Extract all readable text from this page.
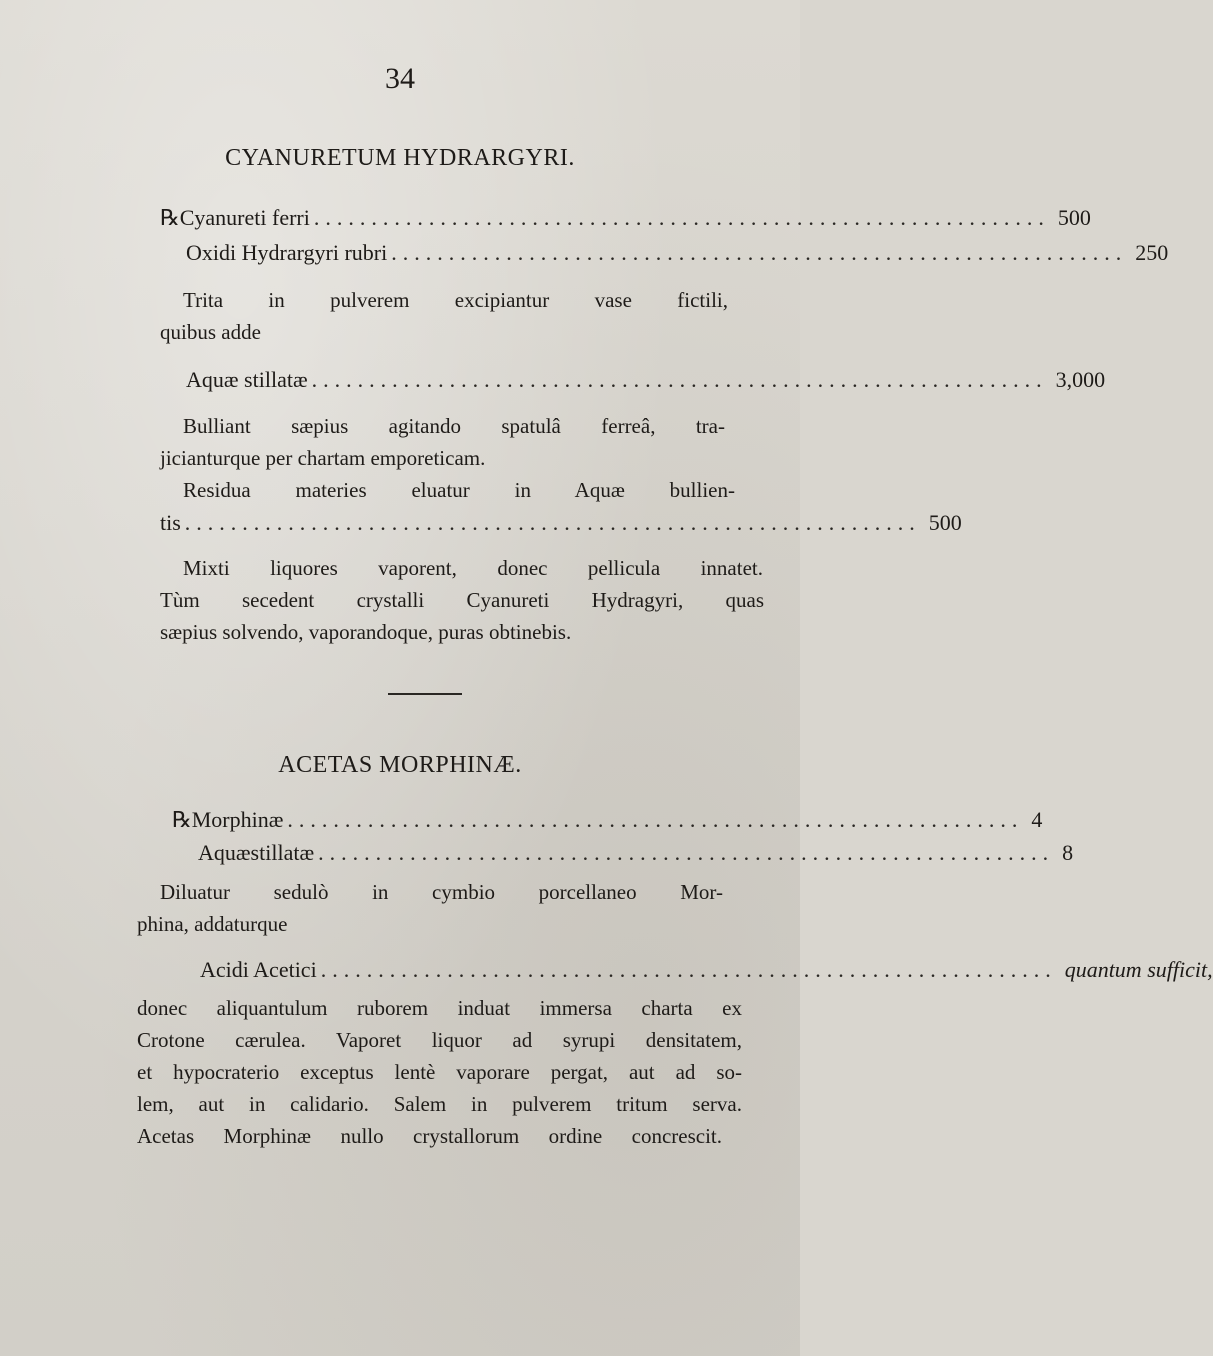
34
CYANURETUM HYDRARGYRI.
℞ Cyanureti ferri ................................................................ 500
Oxidi Hydrargyri rubri ................................................................ 250
Trita in pulverem excipiantur vase fictili,
quibus adde
Aquæ stillatæ ................................................................ 3,000
Bulliant sæpius agitando spatulâ ferreâ, tra-
jicianturque per chartam emporeticam.
Residua materies eluatur in Aquæ bullien-
tis ................................................................ 500
Mixti liquores vaporent, donec pellicula innatet.
Tùm secedent crystalli Cyanureti Hydragyri, quas
sæpius solvendo, vaporandoque, puras obtinebis.
ACETAS MORPHINÆ.
℞ Morphinæ ................................................................ 4
Aquæstillatæ ................................................................ 8
Diluatur sedulò in cymbio porcellaneo Mor-
phina, addaturque
Acidi Acetici ................................................................ quantum sufficit,
donec aliquantulum ruborem induat immersa charta ex
Crotone cærulea. Vaporet liquor ad syrupi densitatem,
et hypocraterio exceptus lentè vaporare pergat, aut ad so-
lem, aut in calidario. Salem in pulverem tritum serva.
Acetas Morphinæ nullo crystallorum ordine concrescit.
